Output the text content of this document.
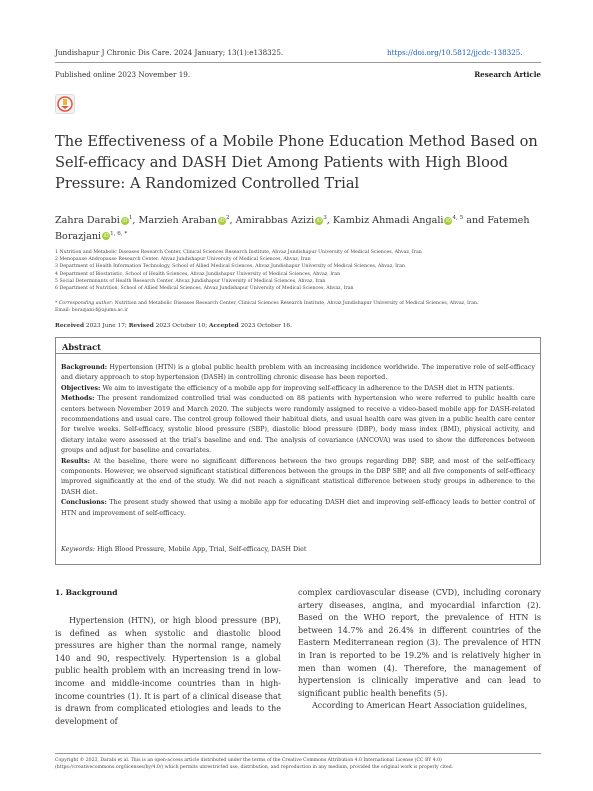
Jundishapur J Chronic Dis Care. 2024 January; 13(1):e138325.	https://doi.org/10.5812/jjcdc-138325.
Published online 2023 November 19.	Research Article
The Effectiveness of a Mobile Phone Education Method Based on Self-efficacy and DASH Diet Among Patients with High Blood Pressure: A Randomized Controlled Trial
Zahra Darabi $iD^1$, Marzieh Araban $iD^2$, Amirabbas Azizi $iD^3$, Kambiz Ahmadi Angali iD$^{4, 5}$ and Fatemeh Borazjani $iD^{1, 6, *}$
1 Nutrition and Metabolic Diseases Research Center, Clinical Sciences Research Institute, Ahvaz Jundishapur University of Medical Sciences, Ahvaz, Iran
2 Menopause Andropause Research Center, Ahvaz Jundishapur University of Medical Sciences, Ahvaz, Iran
3 Department of Health Information Technology, School of Allied Medical Sciences, Ahvaz Jundishapur University of Medical Sciences, Ahvaz, Iran
4 Department of Biostatistic, School of Health Sciences, Ahvaz Jundishapur University of Medical Sciences, Ahvaz, Iran
5 Social Determinants of Health Research Center, Ahvaz Jundishapur University of Medical Sciences, Ahvaz, Iran
6 Department of Nutrition, School of Allied Medical Sciences, Ahvaz Jundishapur University of Medical Sciences, Ahvaz, Iran
* Corresponding author: Nutrition and Metabolic Diseases Research Center, Clinical Sciences Research Institute, Ahvaz Jundishapur University of Medical Sciences, Ahvaz, Iran.
Email: borazjani-f@ajums.ac.ir
Received 2023 June 17; Revised 2023 October 10; Accepted 2023 October 16.
Abstract

Background: Hypertension (HTN) is a global public health problem with an increasing incidence worldwide. The imperative role of self-efficacy and dietary approach to stop hypertension (DASH) in controlling chronic disease has been reported.

Objectives: We aim to investigate the efficiency of a mobile app for improving self-efficacy in adherence to the DASH diet in HTN patients.

Methods: The present randomized controlled trial was conducted on 88 patients with hypertension who were referred to public health care centers between November 2019 and March 2020. The subjects were randomly assigned to receive a video-based mobile app for DASH-related recommendations and usual care. The control group followed their habitual diets, and usual health care was given in a public health care center for twelve weeks. Self-efficacy, systolic blood pressure (SBP), diastolic blood pressure (DBP), body mass index (BMI), physical activity, and dietary intake were assessed at the trial’s baseline and end. The analysis of covariance (ANCOVA) was used to show the differences between groups and adjust for baseline and covariates.

Results: At the baseline, there were no significant differences between the two groups regarding DBP, SBP, and most of the self-efficacy components. However, we observed significant statistical differences between the groups in the DBP SBP, and all five components of self-efficacy improved significantly at the end of the study. We did not reach a significant statistical difference between study groups in adherence to the DASH diet.

Conclusions: The present study showed that using a mobile app for educating DASH diet and improving self-efficacy leads to better control of HTN and improvement of self-efficacy.

Keywords: High Blood Pressure, Mobile App, Trial, Self-efficacy, DASH Diet
1. Background

Hypertension (HTN), or high blood pressure (BP), is defined as when systolic and diastolic blood pressures are higher than the normal range, namely 140 and 90, respectively. Hypertension is a global public health problem with an increasing trend in low-income and middle-income countries than in high-income countries (1). It is part of a clinical disease that is drawn from complicated etiologies and leads to the development of

complex cardiovascular disease (CVD), including coronary artery diseases, angina, and myocardial infarction (2). Based on the WHO report, the prevalence of HTN is between 14.7% and 26.4% in different countries of the Eastern Mediterranean region (3). The prevalence of HTN in Iran is reported to be 19.2% and is relatively higher in men than women (4). Therefore, the management of hypertension is clinically imperative and can lead to significant public health benefits (5).

According to American Heart Association guidelines,

Copyright © 2023, Darabi et al. This is an open-access article distributed under the terms of the Creative Commons Attribution 4.0 International License (CC BY 4.0) (https://creativecommons.org/licenses/by/4.0/) which permits unrestricted use, distribution, and reproduction in any medium, provided the original work is properly cited.
